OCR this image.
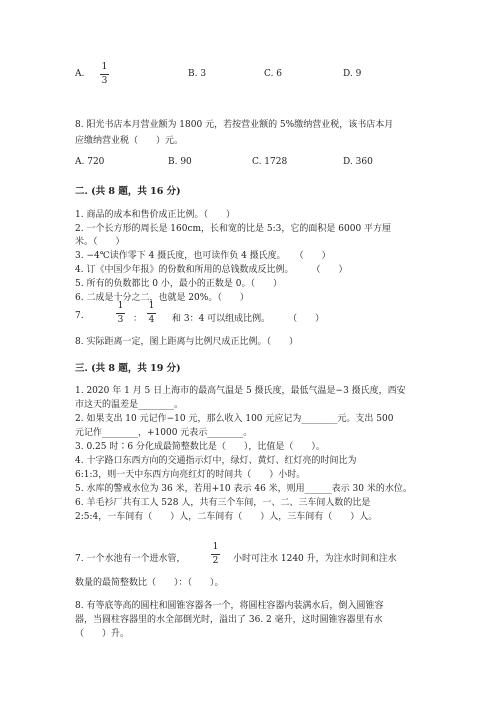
A.
1
3
B. 3	C. 6	D. 9
8. 阳光书店本月营业额为 1800 元，若按营业额的 5%缴纳营业税，该书店本月
应缴纳营业税（　　）元。
A. 720	B. 90	C. 1728	D. 360
二. (共 8 题，共 16 分)
1. 商品的成本和售价成正比例。（　　）
2. 一个长方形的周长是 160cm，长和宽的比是 5:3，它的面积是 6000 平方厘
米。（　　）
3. −4℃读作零下 4 摄氏度，也可读作负 4 摄氏度。　　（　　）
4. 订《中国少年报》的份数和所用的总钱数成反比例。　　　（　　）
5. 所有的负数都比 0 小，最小的正数是 0。（　　）
6. 二成是十分之二，也就是 20%。（　　）
7.
1
3 ：
1
4 和 3：4 可以组成比例。　　　（　　）
8. 实际距离一定，图上距离与比例尺成正比例。（　　）
三. (共 8 题，共 19 分)
1. 2020 年 1 月 5 日上海市的最高气温是 5 摄氏度，最低气温是−3 摄氏度，西安
市这天的温差是________。
2. 如果支出 10 元记作−10 元，那么收入 100 元应记为________元。支出 500
元记作________，+1000 元表示________。
3. 0.25 时∶6 分化成最简整数比是（　　），比值是（　　）。
4. 十字路口东西方向的交通指示灯中，绿灯、黄灯、红灯亮的时间比为
6:1:3，则一天中东西方向亮红灯的时间共（　　）小时。
5. 水库的警戒水位为 36 米，若用+10 表示 46 米，则用______表示 30 米的水位。
6. 羊毛衫厂共有工人 528 人，共有三个车间，一、二、三车间人数的比是
2:5:4，一车间有（　　）人，二车间有（　　）人，三车间有（　　）人。
7. 一个水池有一个进水管，
1
2 小时可注水 1240 升，为注水时间和注水
数量的最简整数比（　　）：（　　）。
8. 有等底等高的圆柱和圆锥容器各一个，将圆柱容器内装满水后，倒入圆锥容
器，当圆柱容器里的水全部倒光时，溢出了 36. 2 毫升，这时圆锥容器里有水
（　　）升。
